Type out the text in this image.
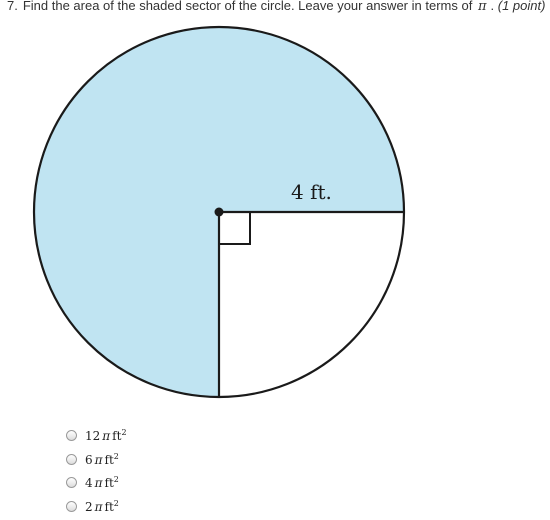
7. Find the area of the shaded sector of the circle. Leave your answer in terms of π . (1 point)
4 ft.
12 π $ft^2$
6 π $ft^2$
4 π $ft^2$
2 π $ft^2$
